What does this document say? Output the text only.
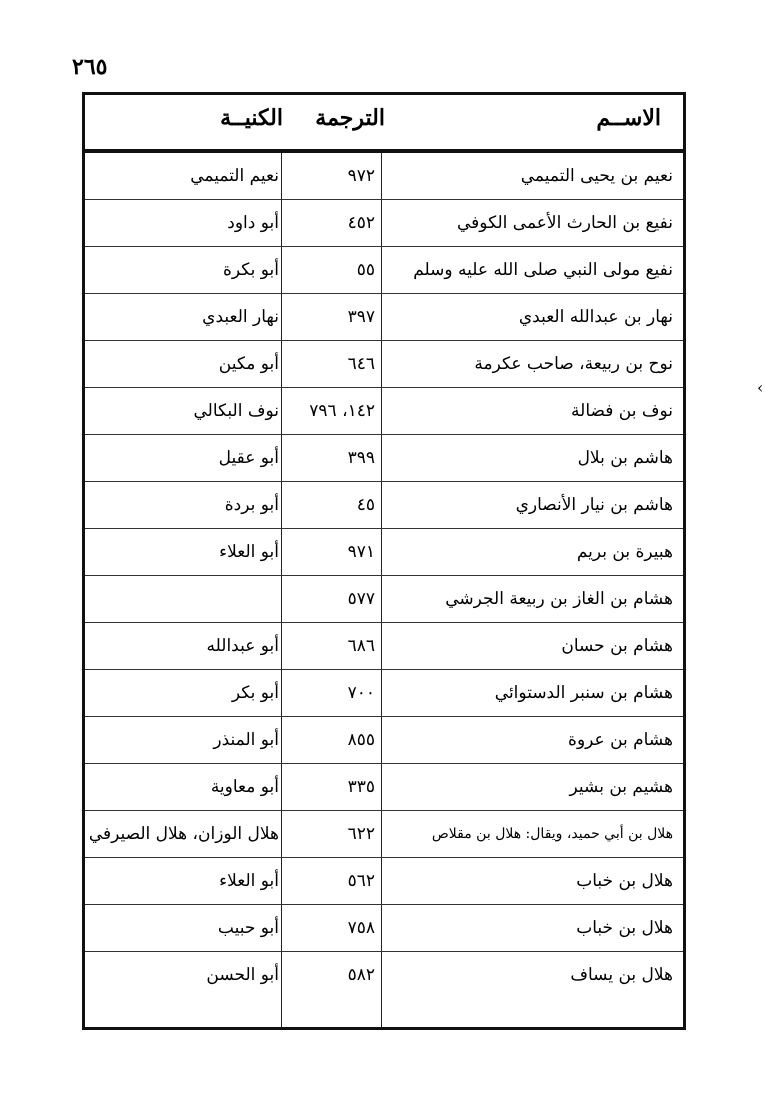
٢٦٥
الاســم
الترجمة
الكنيــة
نعيم بن يحيى التميمي
٩٧٢
نعيم التميمي
نفيع بن الحارث الأعمى الكوفي
٤٥٢
أبو داود
نفيع مولى النبي صلى الله عليه وسلم
٥٥
أبو بكرة
نهار بن عبدالله العبدي
٣٩٧
نهار العبدي
نوح بن ربيعة، صاحب عكرمة
٦٤٦
أبو مكين
نوف بن فضالة
١٤٢، ٧٩٦
نوف البكالي
هاشم بن بلال
٣٩٩
أبو عقيل
هاشم بن نيار الأنصاري
٤٥
أبو بردة
هبيرة بن بريم
٩٧١
أبو العلاء
هشام بن الغاز بن ربيعة الجرشي
٥٧٧
هشام بن حسان
٦٨٦
أبو عبدالله
هشام بن سنبر الدستوائي
٧٠٠
أبو بكر
هشام بن عروة
٨٥٥
أبو المنذر
هشيم بن بشير
٣٣٥
أبو معاوية
هلال بن أبي حميد، ويقال: هلال بن مقلاص
٦٢٢
هلال الوزان، هلال الصيرفي
هلال بن خباب
٥٦٢
أبو العلاء
هلال بن خباب
٧٥٨
أبو حبيب
هلال بن يساف
٥٨٢
أبو الحسن
‹
